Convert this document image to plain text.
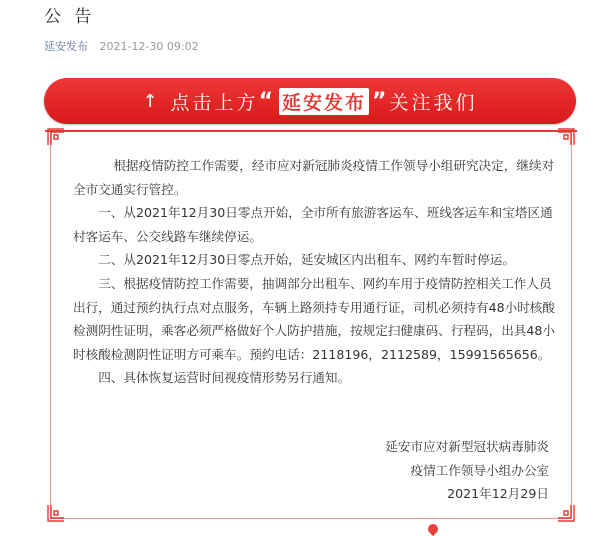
公 告
延安发布 2021-12-30 09:02
↑ 点击上方 “ 延安发布 ” 关注我们

根据疫情防控工作需要，经市应对新冠肺炎疫情工作领导小组研究决定，继续对全市交通实行管控。

一、从2021年12月30日零点开始，全市所有旅游客运车、班线客运车和宝塔区通村客运车、公交线路车继续停运。

二、从2021年12月30日零点开始，延安城区内出租车、网约车暂时停运。

三、根据疫情防控工作需要，抽调部分出租车、网约车用于疫情防控相关工作人员出行，通过预约执行点对点服务，车辆上路须持专用通行证，司机必须持有48小时核酸检测阴性证明，乘客必须严格做好个人防护措施，按规定扫健康码、行程码，出具48小时核酸检测阴性证明方可乘车。预约电话：2118196，2112589，15991565656。

四、具体恢复运营时间视疫情形势另行通知。

延安市应对新型冠状病毒肺炎
疫情工作领导小组办公室
2021年12月29日
